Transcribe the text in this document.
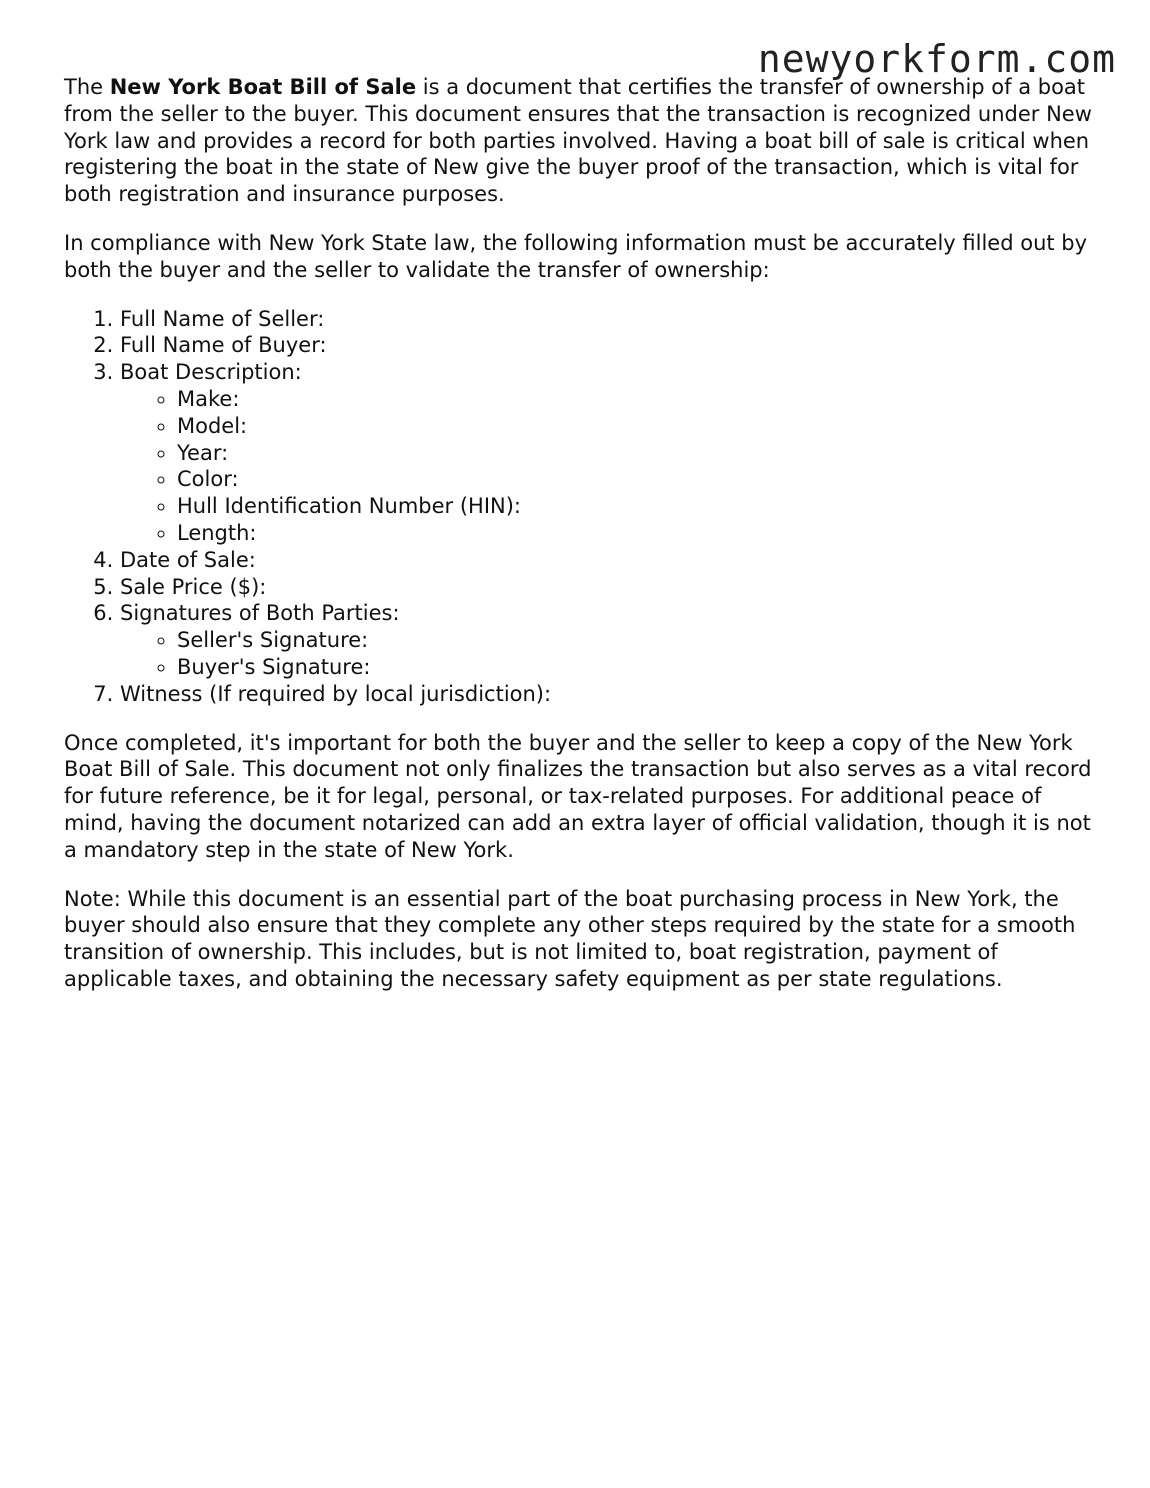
newyorkform.com

The New York Boat Bill of Sale is a document that certifies the transfer of ownership of a boat from the seller to the buyer. This document ensures that the transaction is recognized under New York law and provides a record for both parties involved. Having a boat bill of sale is critical when registering the boat in the state of New give the buyer proof of the transaction, which is vital for both registration and insurance purposes.

In compliance with New York State law, the following information must be accurately filled out by both the buyer and the seller to validate the transfer of ownership:

1. Full Name of Seller:
2. Full Name of Buyer:
3. Boat Description:
◦ Make:
◦ Model:
◦ Year:
◦ Color:
◦ Hull Identification Number (HIN):
◦ Length:
4. Date of Sale:
5. Sale Price ($):
6. Signatures of Both Parties:
◦ Seller's Signature:
◦ Buyer's Signature:
7. Witness (If required by local jurisdiction):

Once completed, it's important for both the buyer and the seller to keep a copy of the New York Boat Bill of Sale. This document not only finalizes the transaction but also serves as a vital record for future reference, be it for legal, personal, or tax-related purposes. For additional peace of mind, having the document notarized can add an extra layer of official validation, though it is not a mandatory step in the state of New York.

Note: While this document is an essential part of the boat purchasing process in New York, the buyer should also ensure that they complete any other steps required by the state for a smooth transition of ownership. This includes, but is not limited to, boat registration, payment of applicable taxes, and obtaining the necessary safety equipment as per state regulations.
